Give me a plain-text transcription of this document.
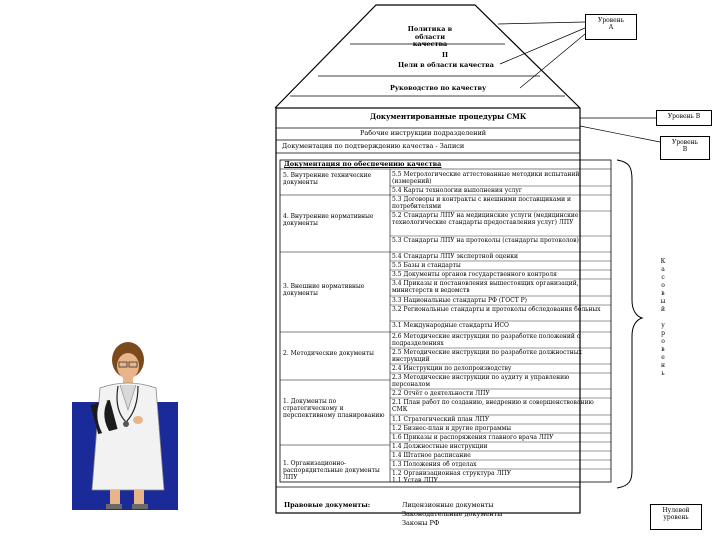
Политика в области качества
II
Цели в области качества
Руководство по качеству
Документированные процедуры СМК
Рабочие инструкции подразделений
Документация по подтверждению качества - Записи
Документация по обеспечению качества
5. Внутренние технические документы
4. Внутренние нормативные документы
3. Внешние нормативные документы
2. Методические документы
1. Документы по стратегическому и перспективному планированию
1. Организационно-распорядительные документы ЛПУ
5.5 Метрологические аттестованные методики испытаний (измерений)
5.4 Карты технологии выполнения услуг
5.3 Договоры и контракты с внешними поставщиками и потребителями
5.2 Стандарты ЛПУ на медицинские услуги (медицинские технологические стандарты предоставления услуг) ЛПУ
5.3 Стандарты ЛПУ на протоколы (стандарты протоколов)
5.4 Стандарты ЛПУ экспертной оценки
5.5 Базы и стандарты
3.5 Документы органов государственного контроля
3.4 Приказы и постановления вышестоящих организаций, министерств и ведомств
3.3 Национальные стандарты РФ (ГОСТ Р)
3.2 Региональные стандарты и протоколы обследования больных
3.1 Международные стандарты ИСО
2.6 Методические инструкции по разработке положений о подразделениях
2.5 Методические инструкции по разработке должностных инструкций
2.4 Инструкции по делопроизводству
2.3 Методические инструкции по аудиту и управлению персоналом
2.2 Отчёт о деятельности ЛПУ
2.1 План работ по созданию, внедрению и совершенствованию СМК
1.1 Стратегический план ЛПУ
1.2 Бизнес-план и другие программы
1.6 Приказы и распоряжения главного врача ЛПУ
1.4 Должностные инструкции
1.4 Штатное расписание
1.3 Положения об отделах
1.2 Организационная структура ЛПУ
1.1 Устав ЛПУ
Правовые документы:	Лицензионные документы
Законодательные документы
Законы РФ
Уровень
А
Уровень В
Уровень
В
К
а
с
о
в
ы
й
у
р
о
в
е
н
ь
Нулевой
уровень
